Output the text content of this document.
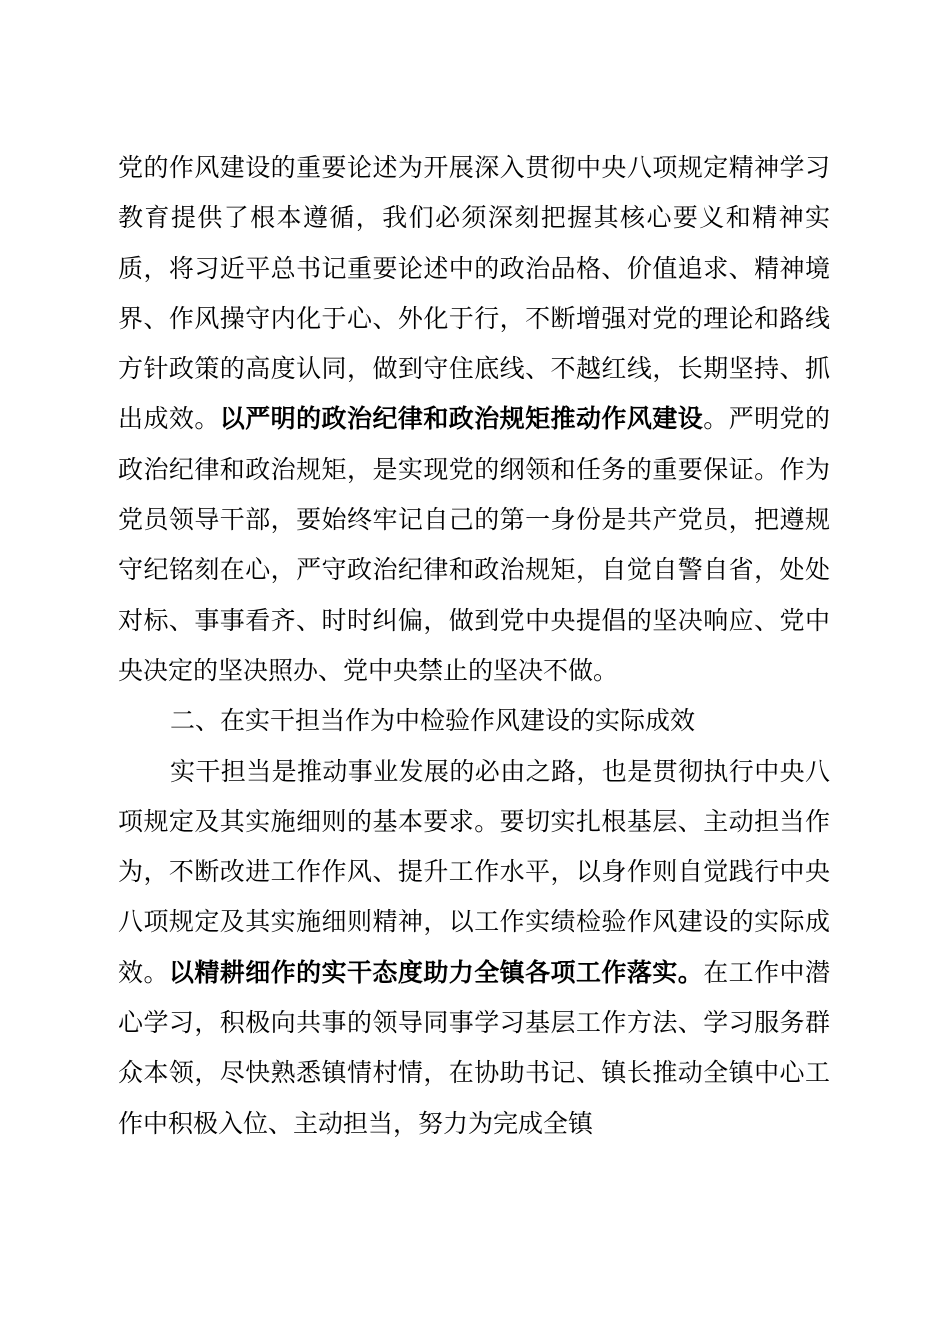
党的作风建设的重要论述为开展深入贯彻中央八项规定精神学习教育提供了根本遵循，我们必须深刻把握其核心要义和精神实质，将习近平总书记重要论述中的政治品格、价值追求、精神境界、作风操守内化于心、外化于行，不断增强对党的理论和路线方针政策的高度认同，做到守住底线、不越红线，长期坚持、抓出成效。以严明的政治纪律和政治规矩推动作风建设。严明党的政治纪律和政治规矩，是实现党的纲领和任务的重要保证。作为党员领导干部，要始终牢记自己的第一身份是共产党员，把遵规守纪铭刻在心，严守政治纪律和政治规矩，自觉自警自省，处处对标、事事看齐、时时纠偏，做到党中央提倡的坚决响应、党中央决定的坚决照办、党中央禁止的坚决不做。

二、在实干担当作为中检验作风建设的实际成效

实干担当是推动事业发展的必由之路，也是贯彻执行中央八项规定及其实施细则的基本要求。要切实扎根基层、主动担当作为，不断改进工作作风、提升工作水平，以身作则自觉践行中央八项规定及其实施细则精神，以工作实绩检验作风建设的实际成效。以精耕细作的实干态度助力全镇各项工作落实。在工作中潜心学习，积极向共事的领导同事学习基层工作方法、学习服务群众本领，尽快熟悉镇情村情，在协助书记、镇长推动全镇中心工作中积极入位、主动担当，努力为完成全镇
